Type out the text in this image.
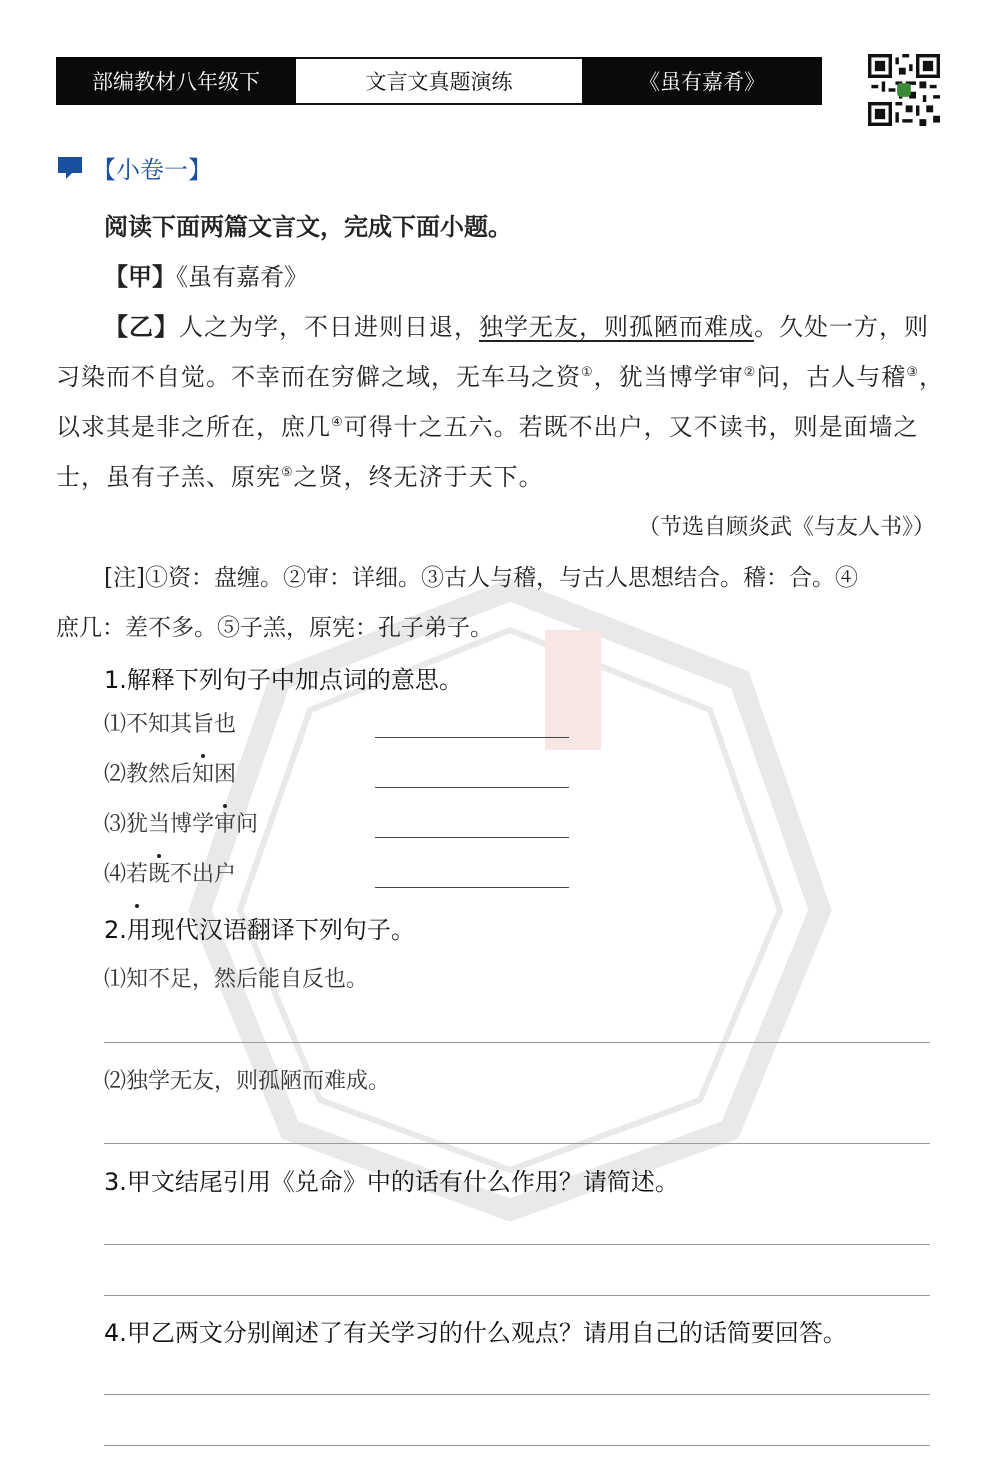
部编教材八年级下	文言文真题演练	《虽有嘉肴》
【小卷一】
阅读下面两篇文言文，完成下面小题。
【甲】《虽有嘉肴》
【乙】人之为学，不日进则日退，独学无友，则孤陋而难成。久处一方，则
习染而不自觉。不幸而在穷僻之域，无车马之资①，犹当博学审②问，古人与稽③，
以求其是非之所在，庶几④可得十之五六。若既不出户，又不读书，则是面墙之
士，虽有子羔、原宪⑤之贤，终无济于天下。
（节选自顾炎武《与友人书》）
[注]①资：盘缠。②审：详细。③古人与稽，与古人思想结合。稽：合。④
庶几：差不多。⑤子羔，原宪：孔子弟子。
1.解释下列句子中加点词的意思。
⑴不知其旨也
⑵教然后知困
⑶犹当博学审问
⑷若既不出户
2.用现代汉语翻译下列句子。
⑴知不足，然后能自反也。
⑵独学无友，则孤陋而难成。
3.甲文结尾引用《兑命》中的话有什么作用？请简述。
4.甲乙两文分别阐述了有关学习的什么观点？请用自己的话简要回答。
